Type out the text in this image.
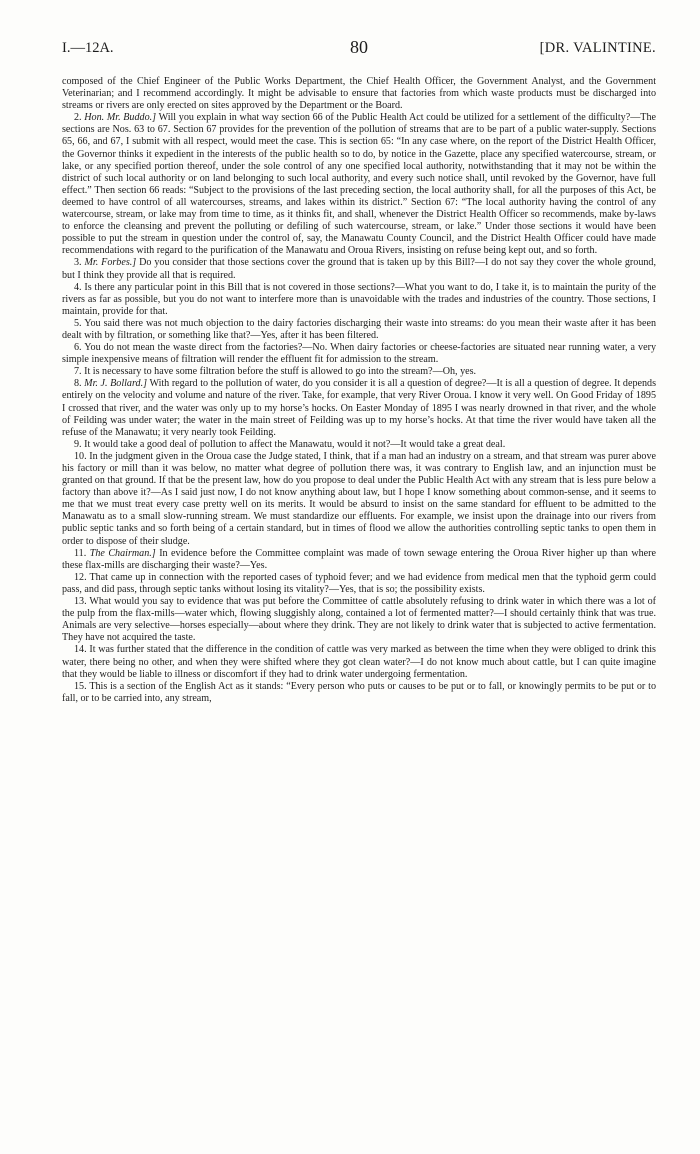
I.—12A.	80	[DR. VALINTINE.

composed of the Chief Engineer of the Public Works Department, the Chief Health Officer, the Government Analyst, and the Government Veterinarian; and I recommend accordingly. It might be advisable to ensure that factories from which waste products must be discharged into streams or rivers are only erected on sites approved by the Department or the Board.

2. Hon. Mr. Buddo.] Will you explain in what way section 66 of the Public Health Act could be utilized for a settlement of the difficulty?—The sections are Nos. 63 to 67. Section 67 provides for the prevention of the pollution of streams that are to be part of a public water-supply. Sections 65, 66, and 67, I submit with all respect, would meet the case. This is section 65: “In any case where, on the report of the District Health Officer, the Governor thinks it expedient in the interests of the public health so to do, by notice in the Gazette, place any specified watercourse, stream, or lake, or any specified portion thereof, under the sole control of any one specified local authority, notwithstanding that it may not be within the district of such local authority or on land belonging to such local authority, and every such notice shall, until revoked by the Governor, have full effect.” Then section 66 reads: “Subject to the provisions of the last preceding section, the local authority shall, for all the purposes of this Act, be deemed to have control of all watercourses, streams, and lakes within its district.” Section 67: “The local authority having the control of any watercourse, stream, or lake may from time to time, as it thinks fit, and shall, whenever the District Health Officer so recommends, make by-laws to enforce the cleansing and prevent the polluting or defiling of such watercourse, stream, or lake.” Under those sections it would have been possible to put the stream in question under the control of, say, the Manawatu County Council, and the District Health Officer could have made recommendations with regard to the purification of the Manawatu and Oroua Rivers, insisting on refuse being kept out, and so forth.

3. Mr. Forbes.] Do you consider that those sections cover the ground that is taken up by this Bill?—I do not say they cover the whole ground, but I think they provide all that is required.

4. Is there any particular point in this Bill that is not covered in those sections?—What you want to do, I take it, is to maintain the purity of the rivers as far as possible, but you do not want to interfere more than is unavoidable with the trades and industries of the country. Those sections, I maintain, provide for that.

5. You said there was not much objection to the dairy factories discharging their waste into streams: do you mean their waste after it has been dealt with by filtration, or something like that?—Yes, after it has been filtered.

6. You do not mean the waste direct from the factories?—No. When dairy factories or cheese-factories are situated near running water, a very simple inexpensive means of filtration will render the effluent fit for admission to the stream.

7. It is necessary to have some filtration before the stuff is allowed to go into the stream?—Oh, yes.

8. Mr. J. Bollard.] With regard to the pollution of water, do you consider it is all a question of degree?—It is all a question of degree. It depends entirely on the velocity and volume and nature of the river. Take, for example, that very River Oroua. I know it very well. On Good Friday of 1895 I crossed that river, and the water was only up to my horse’s hocks. On Easter Monday of 1895 I was nearly drowned in that river, and the whole of Feilding was under water; the water in the main street of Feilding was up to my horse’s hocks. At that time the river would have taken all the refuse of the Manawatu; it very nearly took Feilding.

9. It would take a good deal of pollution to affect the Manawatu, would it not?—It would take a great deal.

10. In the judgment given in the Oroua case the Judge stated, I think, that if a man had an industry on a stream, and that stream was purer above his factory or mill than it was below, no matter what degree of pollution there was, it was contrary to English law, and an injunction must be granted on that ground. If that be the present law, how do you propose to deal under the Public Health Act with any stream that is less pure below a factory than above it?—As I said just now, I do not know anything about law, but I hope I know something about common-sense, and it seems to me that we must treat every case pretty well on its merits. It would be absurd to insist on the same standard for effluent to be admitted to the Manawatu as to a small slow-running stream. We must standardize our effluents. For example, we insist upon the drainage into our rivers from public septic tanks and so forth being of a certain standard, but in times of flood we allow the authorities controlling septic tanks to open them in order to dispose of their sludge.

11. The Chairman.] In evidence before the Committee complaint was made of town sewage entering the Oroua River higher up than where these flax-mills are discharging their waste?—Yes.

12. That came up in connection with the reported cases of typhoid fever; and we had evidence from medical men that the typhoid germ could pass, and did pass, through septic tanks without losing its vitality?—Yes, that is so; the possibility exists.

13. What would you say to evidence that was put before the Committee of cattle absolutely refusing to drink water in which there was a lot of the pulp from the flax-mills—water which, flowing sluggishly along, contained a lot of fermented matter?—I should certainly think that was true. Animals are very selective—horses especially—about where they drink. They are not likely to drink water that is subjected to active fermentation. They have not acquired the taste.

14. It was further stated that the difference in the condition of cattle was very marked as between the time when they were obliged to drink this water, there being no other, and when they were shifted where they got clean water?—I do not know much about cattle, but I can quite imagine that they would be liable to illness or discomfort if they had to drink water undergoing fermentation.

15. This is a section of the English Act as it stands: “Every person who puts or causes to be put or to fall, or knowingly permits to be put or to fall, or to be carried into, any stream,
